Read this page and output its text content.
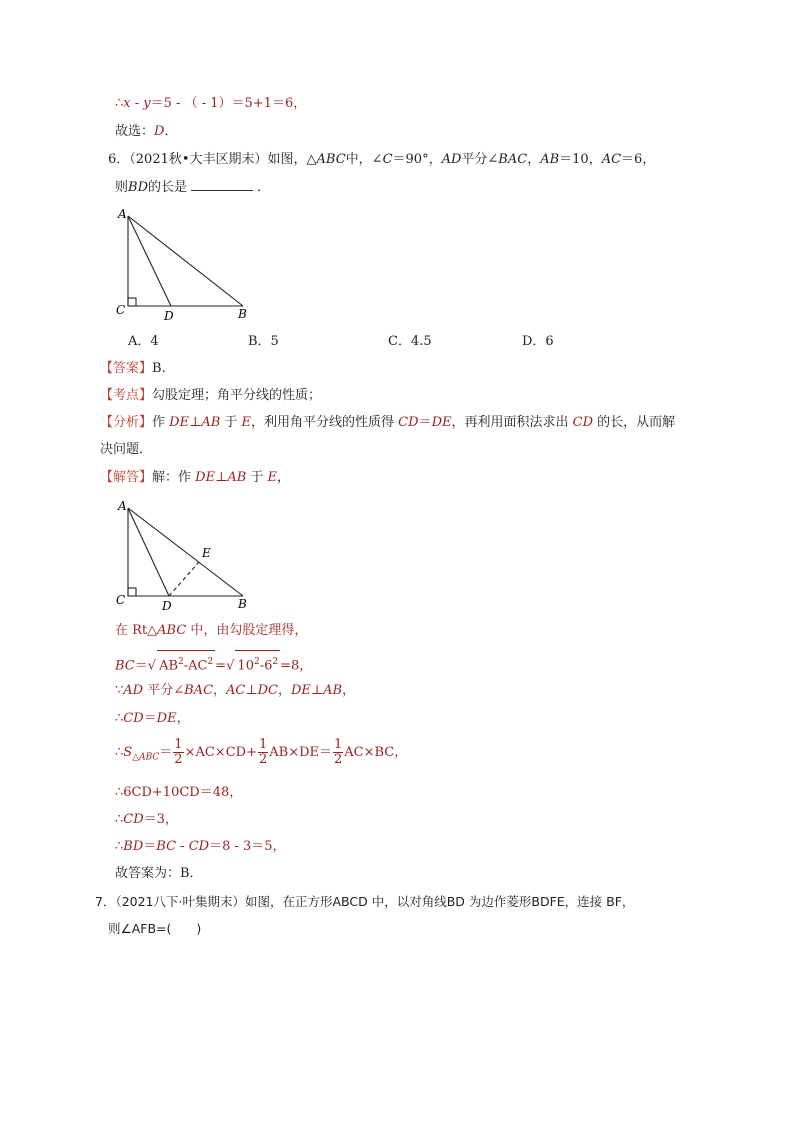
∴x - y＝5 - （ - 1）＝5+1＝6，
故选：D．
6．（2021秋•大丰区期末）如图，△ABC中，∠C＝90°，AD平分∠BAC，AB＝10，AC＝6，
则BD的长是	．
A
C	D	B
A．4	B．5	C．4.5	D．6
【答案】B.
【考点】勾股定理；角平分线的性质；
【分析】作 DE⊥AB 于 E，利用角平分线的性质得 CD＝DE，再利用面积法求出 CD 的长，从而解
决问题．
【解答】解：作 DE⊥AB 于 E，
A
E
C	D	B
在 Rt△ABC 中，由勾股定理得，
BC＝√ $AB^2-AC^2$ =√ $10^2-6^2 =8$，
∵AD 平分∠BAC，AC⊥DC，DE⊥AB，
∴CD＝DE，
$\therefore S_{\triangle ABC}= \frac{1}{2} \times AC\times CD+ \frac{1}{2} AB\times DE= \frac{1}{2} AC\times BC$，
∴6CD+10CD＝48，
∴CD＝3，
∴BD＝BC - CD＝8 - 3＝5，
故答案为：B．
7．（2021八下·叶集期末）如图，在正方形ABCD 中，以对角线BD 为边作菱形BDFE，连接 BF，
则∠AFB=(　　)
